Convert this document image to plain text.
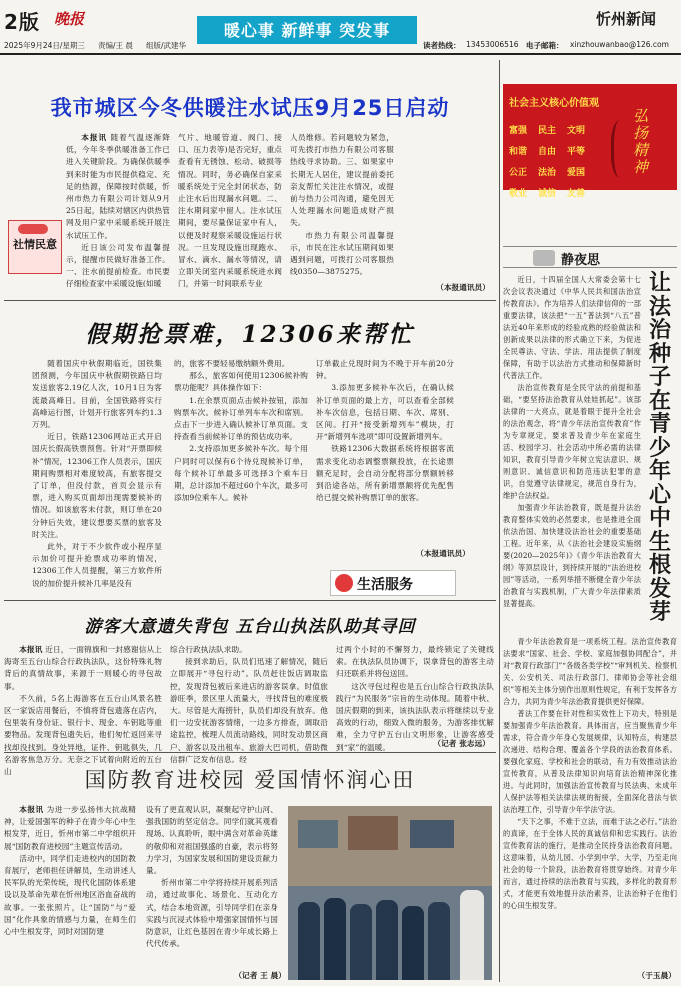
2版 晚报
暖心事 新鲜事 突发事
忻州新闻
2025年9月24日/星期三 责编/王 晨 组版/武建华	读者热线： 13453006516 电子邮箱： xinzhouwanbao@126.com
我市城区今冬供暖注水试压9月25日启动
社情民意

本报讯 随着气温逐渐降低，今年冬季供暖准备工作已进入关键阶段。为确保供暖季到来时能为市民提供稳定、充足的热源，保障按时供暖，忻州市热力有限公司计划从9月25日起，陆续对辖区内供热管网及用户家中采暖系统开展注水试压工作。

近日该公司发布温馨提示，提醒市民做好准备工作。一、注水前提前检查。市民要仔细检查家中采暖设施(如暖

气片、地暖管道、阀门、接口、压力表等)是否完好，重点查看有无锈蚀、松动、破损等情况。同时，务必确保自家采暖系统处于完全封闭状态，防止注水后出现漏水问题。二、注水期间家中留人。注水试压期间，要尽量保证家中有人，以便及时观察采暖设施运行状况。一旦发现设施出现跑水、冒水、滴水、漏水等情况，请立即关闭室内采暖系统进水阀门，并第一时间联系专业

人员维修。若问题较为紧急，可先拨打市热力有限公司客服热线寻求协助。三、如果家中长期无人居住，建议提前委托亲友帮忙关注注水情况，或提前与热力公司沟通，避免因无人处理漏水问题造成财产损失。

市热力有限公司温馨提示，市民在注水试压期间如果遇到问题，可拨打公司客服热线0350—3875275。

（本报通讯员）
假期抢票难，12306来帮忙

随着国庆中秋假期临近，国铁集团预测，今年国庆中秋假期铁路日均发送旅客2.19亿人次，10月1日为客流最高峰日。目前，全国铁路将实行高峰运行图，计划开行旅客列车约1.3万列。

近日，铁路12306网站正式开启国庆长假高铁票预售。针对“开票即候补”情况，12306工作人员表示，国庆期间购票相对难度较高，有旅客提交了订单，但没付款，首页会显示有票，进入购买页面却出现需要候补的情况。如该旅客未付款，则订单在20分钟后失效，建议想要买票的旅客及时关注。

此外，对于不少软件或小程序显示加价可提升抢票成功率的情况，12306工作人员提醒，第三方软件所说的加价提升候补几率是没有

的，旅客不要轻易缴纳额外费用。

那么，旅客如何使用12306候补购票功能呢？具体操作如下：

1.在余票页面点击候补按钮，添加购票车次。候补订单列车车次和席别。点击下一步进入确认候补订单页面。支持查看当前候补订单的预估成功率。

2.支持添加更多候补车次。每个用户同时可以保有6个待兑现候补订单，每个候补订单最多可选择3个乘车日期，总计添加不超过60个车次，最多可添加9位乘车人。候补

订单截止兑现时间为不晚于开车前20分钟。

3.添加更多候补车次后，在确认候补订单页面的最上方，可以查看全部候补车次信息，包括日期、车次、席别、区间。打开“接受新增列车”模块，打开“新增列车选项”即可设置新增列车。

铁路12306大数据系统将根据客流需求变化动态调整票额投放，在长途票额充足时，会自动分配将部分票额转移到沿途各站，所有新增票额将优先配售给已提交候补购票订单的旅客。

（本报通讯员）
生活服务
游客大意遗失背包 五台山执法队助其寻回

本报讯 近日，一面锦旗和一封感谢信从上海寄至五台山综合行政执法队，这份特殊礼物背后的真情故事，来源于一则暖心的寻包故事。

不久前，5名上海游客在五台山风景名胜区一家饭店用餐后，不慎将背包遗落在店内，包里装有身份证、银行卡、现金、车钥匙等重要物品。发现背包遗失后，他们匆忙返回来寻找却没找到。身处异地，证件、钥匙俱失，几名游客焦急万分。无奈之下试着向附近的五台山

综合行政执法队求助。

接到求助后，队员们迅速了解情况，随后立即展开“寻包行动”。队员赶往饭店调取监控，发现背包被后来进店的游客误拿。时值旅游旺季，景区里人流量大，寻找背包的难度极大。尽管是大海捞针，队员们却没有放弃。他们一边安抚游客情绪，一边多方排查，调取沿途监控，梳理人员流动路线，同时发动景区商户、游客以及出租车、旅游大巴司机，借助微信群广泛发布信息。经

过两个小时的不懈努力，最终锁定了关键线索。在执法队员协调下，误拿背包的游客主动归还联系并将包送回。

这次寻包过程也是五台山综合行政执法队践行“为民服务”宗旨的生动体现。随着中秋、国庆假期的到来，该执法队表示将继续以专业高效的行动，细致入微的服务，为游客排忧解难，全力守护五台山文明形象，让游客感受到“家”的温暖。	（记者 张志远）
国防教育进校园 爱国情怀润心田

本报讯 为进一步弘扬伟大抗战精神，让爱国强军的种子在青少年心中生根发芽，近日，忻州市第二中学组织开展“国防教育进校园”主题宣传活动。

活动中，同学们走进校内的国防教育展厅，老师担任讲解员，生动讲述人民军队的光荣传统，现代化国防体系建设以及革命先辈在忻州地区浴血奋战的故事。一张张照片，让“国防”与“爱国”化作具象的情感与力量，在师生们心中生根发芽，同时对国防建

设有了更直观认识，凝聚起守护山河、强我国防的坚定信念。同学们就其观看现场、认真聆听，眼中满含对革命英雄的敬仰和对祖国强盛的自豪，表示将努力学习，为国家发展和国防建设贡献力量。

忻州市第二中学将持续开展系列活动，通过故事化、场景化、互动化方式，结合本地资源，引导同学们在亲身实践与沉浸式体验中增强家国情怀与国防意识，让红色基因在青少年成长路上代代传承。

（记者 王 晨）
社会主义核心价值观
富强 民主 文明 和谐 自由 平等 公正 法治 爱国 敬业 诚信 友善
弘扬精神
静夜思
让法治种子在青少年心中生根发芽

近日，十四届全国人大常委会第十七次会议表决通过《中华人民共和国法治宣传教育法》。作为培养人们法律信仰的一部重要法律，该法把“一五”普法到“八五”普法近40年来形成的经验成熟的经验做法和创新成果以法律的形式确立下来，为促进全民尊法、守法、学法、用法提供了制度保障，有助于以法治方式推动和保障新时代普法工作。

法治宣传教育是全民守法的前提和基础，“要坚持法治教育从娃娃抓起”。该部法律的一大亮点，就是着眼于提升全社会的法治观念，将“青少年法治宣传教育”作为专章规定，要求普及青少年在家庭生活、校园学习、社会活动中所必需的法律知识，教育引导青少年树立宪法意识、规则意识、诚信意识和防范违法犯罪的意识，自觉遵守法律规定，规范自身行为，维护合法权益。

加强青少年法治教育，既是提升法治教育整体实效的必然要求，也是推进全面依法治国、加快建设法治社会的重要基础工程。近年来，从《法治社会建设实施纲要(2020—2025年)》《青少年法治教育大纲》等顶层设计，到持续开展的“法治进校园”等活动，一系列举措不断健全青少年法治教育与实践机制，广大青少年法律素质显著提高。

青少年法治教育是一项系统工程。法治宣传教育法要求“国家、社会、学校、家庭加强协同配合”，并对“教育行政部门”“各级各类学校”“审判机关、检察机关、公安机关、司法行政部门、律师协会等社会组织”等相关主体分别作出原则性规定，有利于发挥各方合力，共同为青少年法治教育提供更好保障。

普法工作要在针对性和实效性上下功夫，特别是要加强青少年法治教育。具体而言，应当聚焦青少年需求，符合青少年身心发展规律，认知特点，构建层次递进、结构合理、覆盖各个学段的法治教育体系。要强化家庭、学校和社会的联动，有力有效推动法治宣传教育，从普及法律知识向培育法治精神深化推进。与此同时，加强法治宣传教育与民法典、未成年人保护法等相关法律法规的衔接，全面深化普法与依法治理工作，引导青少年学法守法。

“天下之事，不难于立法，而难于法之必行。”法治的真谛，在于全体人民的真诚信仰和忠实践行。法治宣传教育法的施行，是推动全民持身法治教育问题。这意味着，从幼儿园、小学到中学、大学，乃至走向社会的每一个阶段，法治教育将贯穿始终。对青少年而言，通过持续的法治教育与实践，多样化的教育形式，才能更有效地提升法治素养，让法治种子在他们的心田生根发芽。

（于玉晨）
